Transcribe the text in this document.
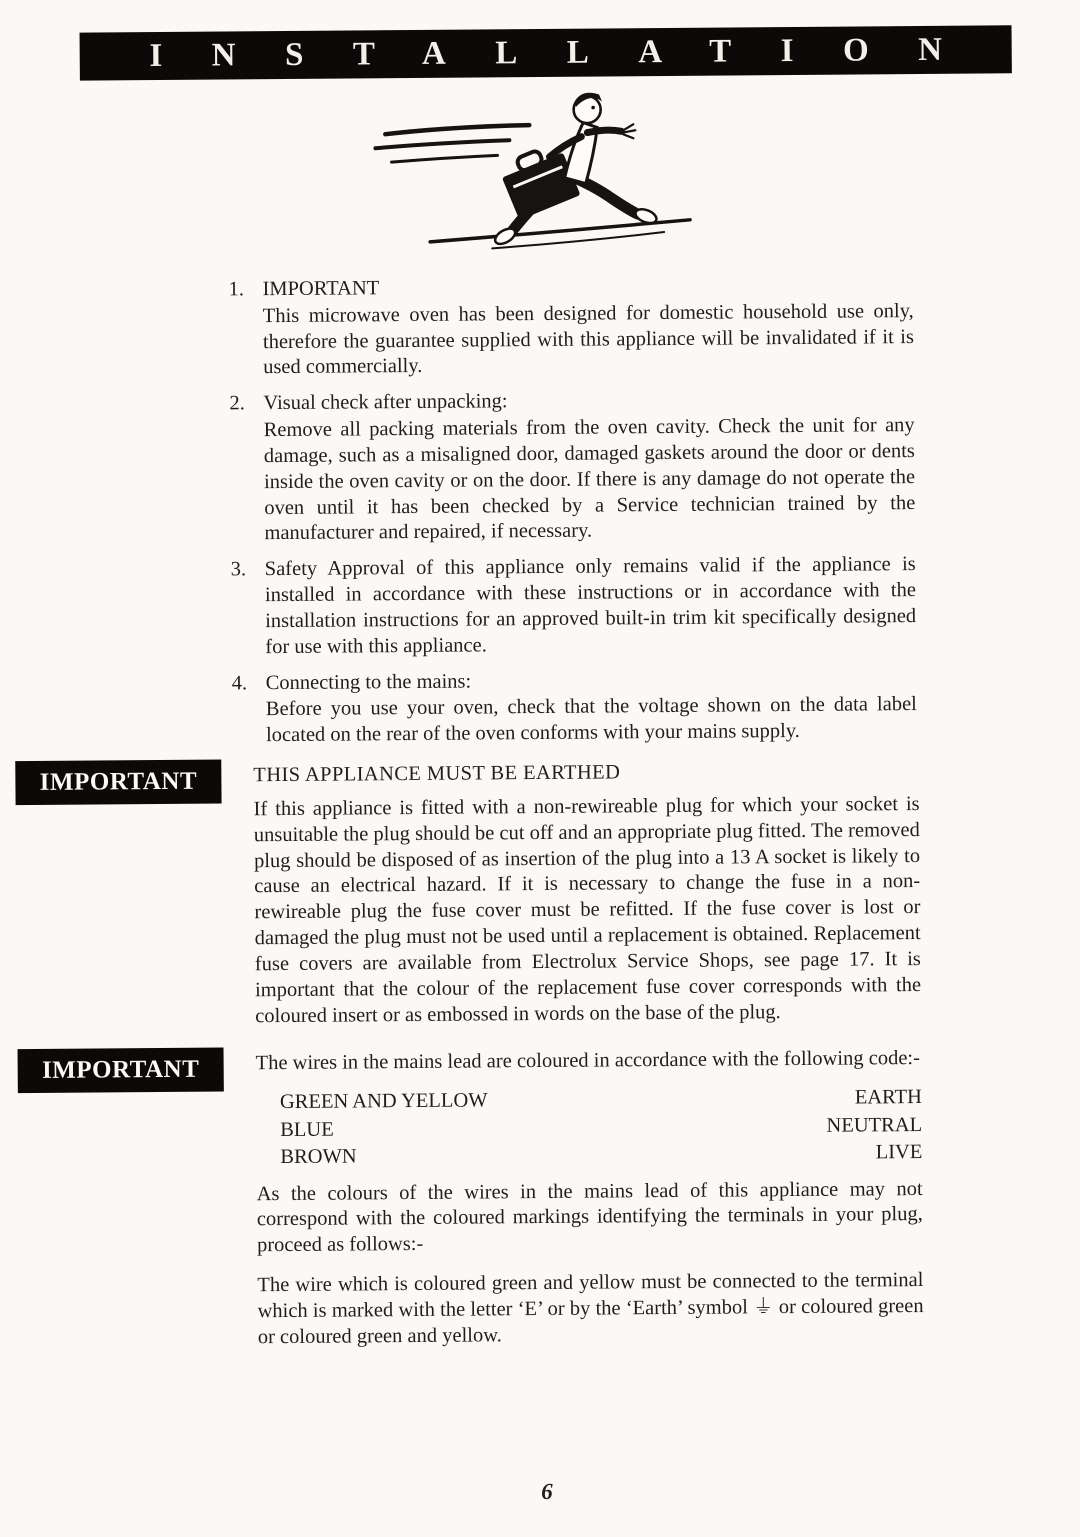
INSTALLATION
1. IMPORTANT
This microwave oven has been designed for domestic household use only, therefore the guarantee supplied with this appliance will be invalidated if it is used commercially.
2. Visual check after unpacking:
Remove all packing materials from the oven cavity. Check the unit for any damage, such as a misaligned door, damaged gaskets around the door or dents inside the oven cavity or on the door. If there is any damage do not operate the oven until it has been checked by a Service technician trained by the manufacturer and repaired, if necessary.
3. Safety Approval of this appliance only remains valid if the appliance is installed in accordance with these instructions or in accordance with the installation instructions for an approved built-in trim kit specifically designed for use with this appliance.
4. Connecting to the mains:
Before you use your oven, check that the voltage shown on the data label located on the rear of the oven conforms with your mains supply.
IMPORTANT	THIS APPLIANCE MUST BE EARTHED
If this appliance is fitted with a non-rewireable plug for which your socket is unsuitable the plug should be cut off and an appropriate plug fitted. The removed plug should be disposed of as insertion of the plug into a 13 A socket is likely to cause an electrical hazard. If it is necessary to change the fuse in a non-rewireable plug the fuse cover must be refitted. If the fuse cover is lost or damaged the plug must not be used until a replacement is obtained. Replacement fuse covers are available from Electrolux Service Shops, see page 17. It is important that the colour of the replacement fuse cover corresponds with the coloured insert or as embossed in words on the base of the plug.
IMPORTANT	The wires in the mains lead are coloured in accordance with the following code:-
GREEN AND YELLOW	EARTH
BLUE	NEUTRAL
BROWN	LIVE
As the colours of the wires in the mains lead of this appliance may not correspond with the coloured markings identifying the terminals in your plug, proceed as follows:-
The wire which is coloured green and yellow must be connected to the terminal which is marked with the letter ‘E’ or by the ‘Earth’ symbol ⏚ or coloured green or coloured green and yellow.
6
